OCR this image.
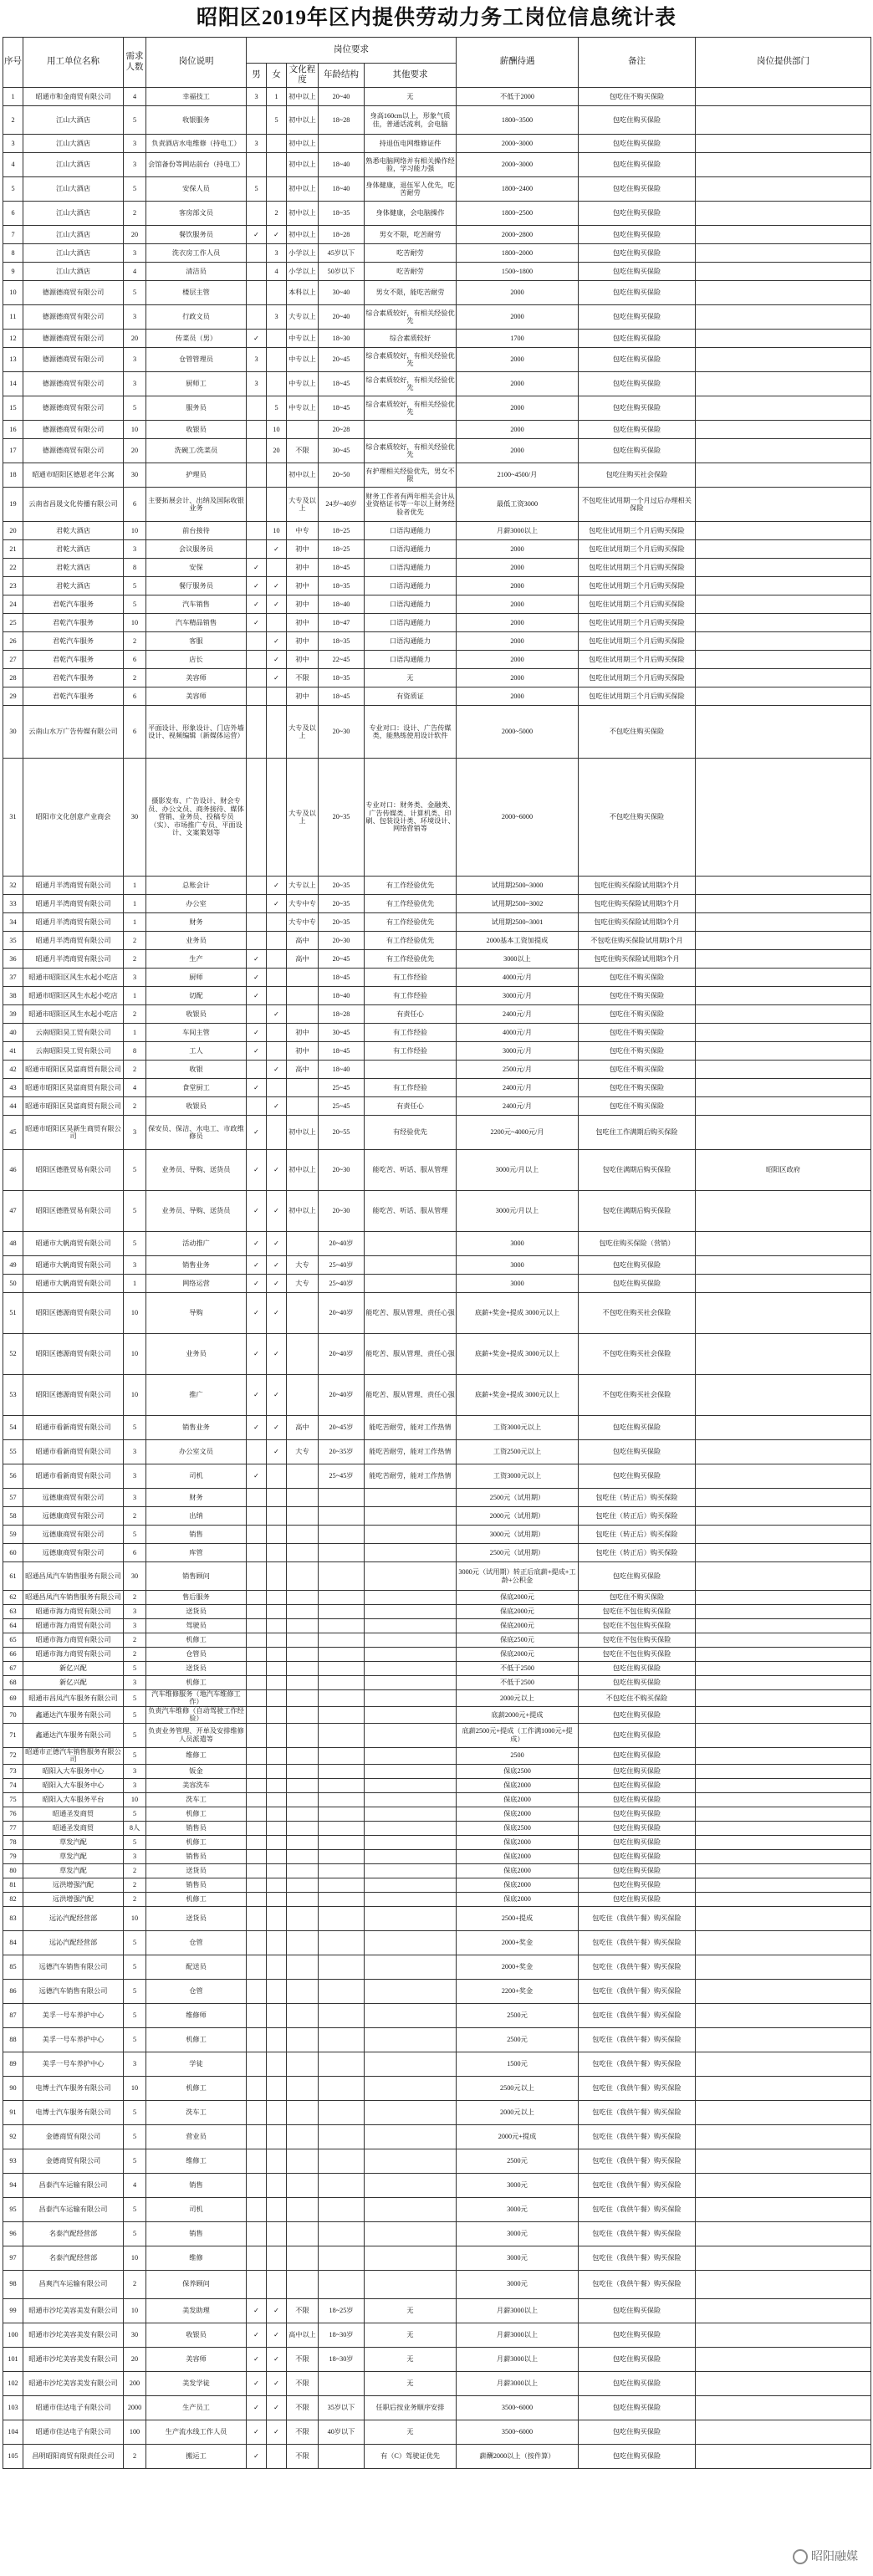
昭阳区2019年区内提供劳动力务工岗位信息统计表
序号	用工单位名称	需求人数	岗位说明	岗位要求					薪酬待遇	备注	岗位提供部门
				男	女	文化程度	年龄结构	其他要求			
1	昭通市和金商贸有限公司	4	幸福技工	3	1	初中以上	20~40	无	不低于2000	包吃住不购买保险	
2	江山大酒店	5	收银服务		5	初中以上	18~28	身高160cm以上，形象气质佳，普通话流利，会电脑	1800~3500	包吃住购买保险	
3	江山大酒店	3	负责酒店水电维修（持电工）	3		初中以上		持退伍电网维修证件	2000~3000	包吃住购买保险	
4	江山大酒店	3	会馆备份等网站前台（持电工）			初中以上	18~40	熟悉电脑网络并有相关操作经验，学习能力强	2000~3000	包吃住购买保险	
5	江山大酒店	5	安保人员	5		初中以上	18~40	身体健康，退伍军人优先，吃苦耐劳	1800~2400	包吃住购买保险	
6	江山大酒店	2	客房部文员		2	初中以上	18~35	身体健康，会电脑操作	1800~2500	包吃住购买保险	
7	江山大酒店	20	餐饮服务员	✓	✓	初中以上	18~28	男女不限，吃苦耐劳	2000~2800	包吃住购买保险	
8	江山大酒店	3	洗衣房工作人员		3	小学以上	45岁以下	吃苦耐劳	1800~2000	包吃住购买保险	
9	江山大酒店	4	清洁员		4	小学以上	50岁以下	吃苦耐劳	1500~1800	包吃住购买保险	
10	德源德商贸有限公司	5	楼层主管			本科以上	30~40	男女不限，能吃苦耐劳	2000	包吃住购买保险	
11	德源德商贸有限公司	3	行政文员		3	大专以上	20~40	综合素质较好，有相关经验优先	2000	包吃住购买保险	
12	德源德商贸有限公司	20	传菜员（男）	✓		中专以上	18~30	综合素质较好	1700	包吃住购买保险	
13	德源德商贸有限公司	3	仓管管理员	3		中专以上	20~45	综合素质较好，有相关经验优先	2000	包吃住购买保险	
14	德源德商贸有限公司	3	厨师工	3		中专以上	18~45	综合素质较好，有相关经验优先	2000	包吃住购买保险	
15	德源德商贸有限公司	5	服务员		5	中专以上	18~45	综合素质较好，有相关经验优先	2000	包吃住购买保险	
16	德源德商贸有限公司	10	收银员		10		20~28		2000	包吃住购买保险	
17	德源德商贸有限公司	20	洗碗工/洗菜员		20	不限	30~45	综合素质较好，有相关经验优先	2000	包吃住购买保险	
18	昭通市昭阳区德恩老年公寓	30	护理员			初中以上	20~50	有护理相关经验优先，男女不限	2100~4500/月	包吃住购买社会保险	
19	云南省昌晟文化传播有限公司	6	主要拓展会计、出纳及国际收银业务			大专及以上	24岁~40岁	财务工作者有两年相关会计从业资格证书等一年以上财务经验者优先	最低工资3000	不包吃住试用期一个月过后办理相关保险	
20	君乾大酒店	10	前台接待		10	中专	18~25	口语沟通能力	月薪3000以上	包吃住试用期三个月后购买保险	
21	君乾大酒店	3	会议服务员		✓	初中	18~25	口语沟通能力	2000	包吃住试用期三个月后购买保险	
22	君乾大酒店	8	安保	✓		初中	18~45	口语沟通能力	2000	包吃住试用期三个月后购买保险	
23	君乾大酒店	5	餐厅服务员	✓	✓	初中	18~35	口语沟通能力	2000	包吃住试用期三个月后购买保险	
24	君乾汽车服务	5	汽车销售	✓	✓	初中	18~40	口语沟通能力	2000	包吃住试用期三个月后购买保险	
25	君乾汽车服务	10	汽车精品销售	✓		初中	18~47	口语沟通能力	2000	包吃住试用期三个月后购买保险	
26	君乾汽车服务	2	客服		✓	初中	18~35	口语沟通能力	2000	包吃住试用期三个月后购买保险	
27	君乾汽车服务	6	店长		✓	初中	22~45	口语沟通能力	2000	包吃住试用期三个月后购买保险	
28	君乾汽车服务	2	美容师		✓	不限	18~35	无	2000	包吃住试用期三个月后购买保险	
29	君乾汽车服务	6	美容师			初中	18~45	有资质证	2000	包吃住试用期三个月后购买保险	
30	云南山水万广告传媒有限公司	6	平面设计、形象设计、门店外墙设计、视频编辑（新媒体运营）			大专及以上	20~30	专业对口：设计、广告传媒类，能熟练使用设计软件	2000~5000	不包吃住购买保险	
31	昭阳市文化创意产业商会	30	摄影发布、广告设计、财会专员、办公文员、商务接待、媒体营销、业务员、投稿专员（实）、市场推广专员、平面设计、文案策划等			大专及以上	20~35	专业对口：财务类、金融类、广告传媒类、计算机类、印刷、包装设计类、环境设计、网络营销等	2000~6000	不包吃住购买保险	
32	昭通月半湾商贸有限公司	1	总账会计		✓	大专以上	20~35	有工作经验优先	试用期2500~3000	包吃住购买保险试用期3个月	
33	昭通月半湾商贸有限公司	1	办公室		✓	大专中专	20~35	有工作经验优先	试用期2500~3002	包吃住购买保险试用期3个月	
34	昭通月半湾商贸有限公司	1	财务			大专中专	20~35	有工作经验优先	试用期2500~3001	包吃住购买保险试用期3个月	
35	昭通月半湾商贸有限公司	2	业务员			高中	20~30	有工作经验优先	2000基本工资加提成	不包吃住购买保险试用期3个月	
36	昭通月半湾商贸有限公司	2	生产	✓		高中	20~45	有工作经验优先	3000以上	包吃住购买保险试用期3个月	
37	昭通市昭阳区风生水起小吃店	3	厨师	✓			18~45	有工作经验	4000元/月	包吃住不购买保险	
38	昭通市昭阳区风生水起小吃店	1	切配	✓			18~40	有工作经验	3000元/月	包吃住不购买保险	
39	昭通市昭阳区风生水起小吃店	2	收银员		✓		18~28	有责任心	2400元/月	包吃住不购买保险	
40	云南昭阳昊工贸有限公司	1	车间主管	✓		初中	30~45	有工作经验	4000元/月	包吃住不购买保险	
41	云南昭阳昊工贸有限公司	8	工人	✓		初中	18~45	有工作经验	3000元/月	包吃住不购买保险	
42	昭通市昭阳区昊富商贸有限公司	2	收银		✓	高中	18~40		2500元/月	包吃住不购买保险	
43	昭通市昭阳区昊富商贸有限公司	4	食堂厨工	✓			25~45	有工作经验	2400元/月	包吃住不购买保险	
44	昭通市昭阳区昊富商贸有限公司	2	收银员		✓		25~45	有责任心	2400元/月	包吃住不购买保险	
45	昭通市昭阳区昊新生商贸有限公司	3	保安员、保洁、水电工、市政维修员	✓		初中以上	20~55	有经验优先	2200元~4000元/月	包吃住工作满期后购买保险	
46	昭阳区德胜贸易有限公司	5	业务员、导购、送货员	✓	✓	初中以上	20~30	能吃苦、听话、服从管理	3000元/月以上	包吃住满期后购买保险	昭阳区政府
47	昭阳区德胜贸易有限公司	5	业务员、导购、送货员	✓	✓	初中以上	20~30	能吃苦、听话、服从管理	3000元/月以上	包吃住满期后购买保险	
48	昭通市大帆商贸有限公司	5	活动推广	✓	✓		20~40岁		3000	包吃住购买保险（营销）	
49	昭通市大帆商贸有限公司	3	销售业务	✓	✓	大专	25~40岁		3000	包吃住购买保险	
50	昭通市大帆商贸有限公司	1	网络运营	✓	✓	大专	25~40岁		3000	包吃住购买保险	
51	昭阳区德源商贸有限公司	10	导购	✓	✓		20~40岁	能吃苦、服从管理、责任心强	底薪+奖金+提成 3000元以上	不包吃住购买社会保险	
52	昭阳区德源商贸有限公司	10	业务员	✓	✓		20~40岁	能吃苦、服从管理、责任心强	底薪+奖金+提成 3000元以上	不包吃住购买社会保险	
53	昭阳区德源商贸有限公司	10	推广	✓	✓		20~40岁	能吃苦、服从管理、责任心强	底薪+奖金+提成 3000元以上	不包吃住购买社会保险	
54	昭通市看新商贸有限公司	5	销售业务	✓	✓	高中	20~45岁	能吃苦耐劳，能对工作热情	工资3000元以上	包吃住购买保险	
55	昭通市看新商贸有限公司	3	办公室文员		✓	大专	20~35岁	能吃苦耐劳，能对工作热情	工资2500元以上	包吃住购买保险	
56	昭通市看新商贸有限公司	3	司机	✓			25~45岁	能吃苦耐劳，能对工作热情	工资3000元以上	包吃住购买保险	
57	远德康商贸有限公司	3	财务						2500元（试用期）	包吃住（转正后）购买保险	
58	远德康商贸有限公司	2	出纳						2000元（试用期）	包吃住（转正后）购买保险	
59	远德康商贸有限公司	5	销售						3000元（试用期）	包吃住（转正后）购买保险	
60	远德康商贸有限公司	6	库管						2500元（试用期）	包吃住（转正后）购买保险	
61	昭通昌凤汽车销售服务有限公司	30	销售顾问						3000元（试用期）转正后底薪+提成+工龄+公积金	包吃住购买保险	
62	昭通昌凤汽车销售服务有限公司	2	售后服务						保底2000元	包吃住不购买保险	
63	昭通市海力商贸有限公司	3	送货员						保底2000元	包吃住不包住购买保险	
64	昭通市海力商贸有限公司	3	驾驶员						保底2000元	包吃住不包住购买保险	
65	昭通市海力商贸有限公司	2	机修工						保底2500元	包吃住不包住购买保险	
66	昭通市海力商贸有限公司	2	仓管员						保底2000元	包吃住不包住购买保险	
67	新亿兴配	5	送货员						不低于2500	包吃住购买保险	
68	新亿兴配	3	机修工						不低于2500	包吃住购买保险	
69	昭通市昌凤汽车服务有限公司	5	汽车维修服务（地汽车维修工作）						2000元以上	不包吃住不购买保险	
70	鑫通达汽车服务有限公司	5	负责汽车维修（自动驾驶工作经验）						底薪2000元+提成	包吃住购买保险	
71	鑫通达汽车服务有限公司	5	负责业务管理、开单及安排维修人员派遣等						底薪2500元+提成（工作满1000元+提成）	包吃住购买保险	
72	昭通市正德汽车销售服务有限公司	5	维修工						2500	包吃住购买保险	
73	昭阳入大车服务中心	3	钣金						保底2500	包吃住购买保险	
74	昭阳入大车服务中心	3	美容洗车						保底2000	包吃住购买保险	
75	昭阳入大车服务平台	10	洗车工						保底2000	包吃住购买保险	
76	昭通圣发商贸	5	机修工						保底2000	包吃住购买保险	
77	昭通圣发商贸	8人	销售员						保底2500	包吃住购买保险	
78	草发汽配	5	机修工						保底2000	包吃住购买保险	
79	草发汽配	3	销售员						保底2000	包吃住购买保险	
80	草发汽配	2	送货员						保底2000	包吃住购买保险	
81	远洪增强汽配	2	销售员						保底2000	包吃住购买保险	
82	远洪增强汽配	2	机修工						保底2000	包吃住购买保险	
83	远沁汽配经营部	10	送货员						2500+提成	包吃住（我供午餐）购买保险	
84	远沁汽配经营部	5	仓管						2000+奖金	包吃住（我供午餐）购买保险	
85	远德汽车销售有限公司	5	配送员						2000+奖金	包吃住（我供午餐）购买保险	
86	远德汽车销售有限公司	5	仓管						2200+奖金	包吃住（我供午餐）购买保险	
87	美孚一号车养护中心	5	维修师						2500元	包吃住（我供午餐）购买保险	
88	美孚一号车养护中心	5	机修工						2500元	包吃住（我供午餐）购买保险	
89	美孚一号车养护中心	3	学徒						1500元	包吃住（我供午餐）购买保险	
90	电博士汽车服务有限公司	10	机修工						2500元以上	包吃住（我供午餐）购买保险	
91	电博士汽车服务有限公司	5	洗车工						2000元以上	包吃住（我供午餐）购买保险	
92	金德商贸有限公司	5	营业员						2000元+提成	包吃住（我供午餐）购买保险	
93	金德商贸有限公司	5	维修工						2500元	包吃住（我供午餐）购买保险	
94	昌泰汽车运输有限公司	4	销售						3000元	包吃住（我供午餐）购买保险	
95	昌泰汽车运输有限公司	5	司机						3000元	包吃住（我供午餐）购买保险	
96	名泰汽配经营部	5	销售						3000元	包吃住（我供午餐）购买保险	
97	名泰汽配经营部	10	维修						3000元	包吃住（我供午餐）购买保险	
98	昌爽汽车运输有限公司	2	保养顾问						3000元	包吃住（我供午餐）购买保险	
99	昭通市沙坨美容美发有限公司	10	美发助理	✓	✓	不限	18~25岁	无	月薪3000以上	包吃住购买保险	
100	昭通市沙坨美容美发有限公司	30	收银员	✓	✓	高中以上	18~30岁	无	月薪3000以上	包吃住购买保险	
101	昭通市沙坨美容美发有限公司	20	美容师	✓	✓	不限	18~30岁	无	月薪3000以上	包吃住购买保险	
102	昭通市沙坨美容美发有限公司	200	美发学徒	✓	✓	不限		无	月薪3000以上	包吃住购买保险	
103	昭通市佳达电子有限公司	2000	生产员工	✓	✓	不限	35岁以下	任职后按业务顺序安排	3500~6000	包吃住购买保险	
104	昭通市佳达电子有限公司	100	生产流水线工作人员	✓	✓	不限	40岁以下	无	3500~6000	包吃住购买保险	
105	昌明昭阳商贸有限责任公司	2	搬运工	✓		不限		有（C）驾驶证优先	薪酬2000以上（按件算）	包吃住购买保险	
昭阳融媒
